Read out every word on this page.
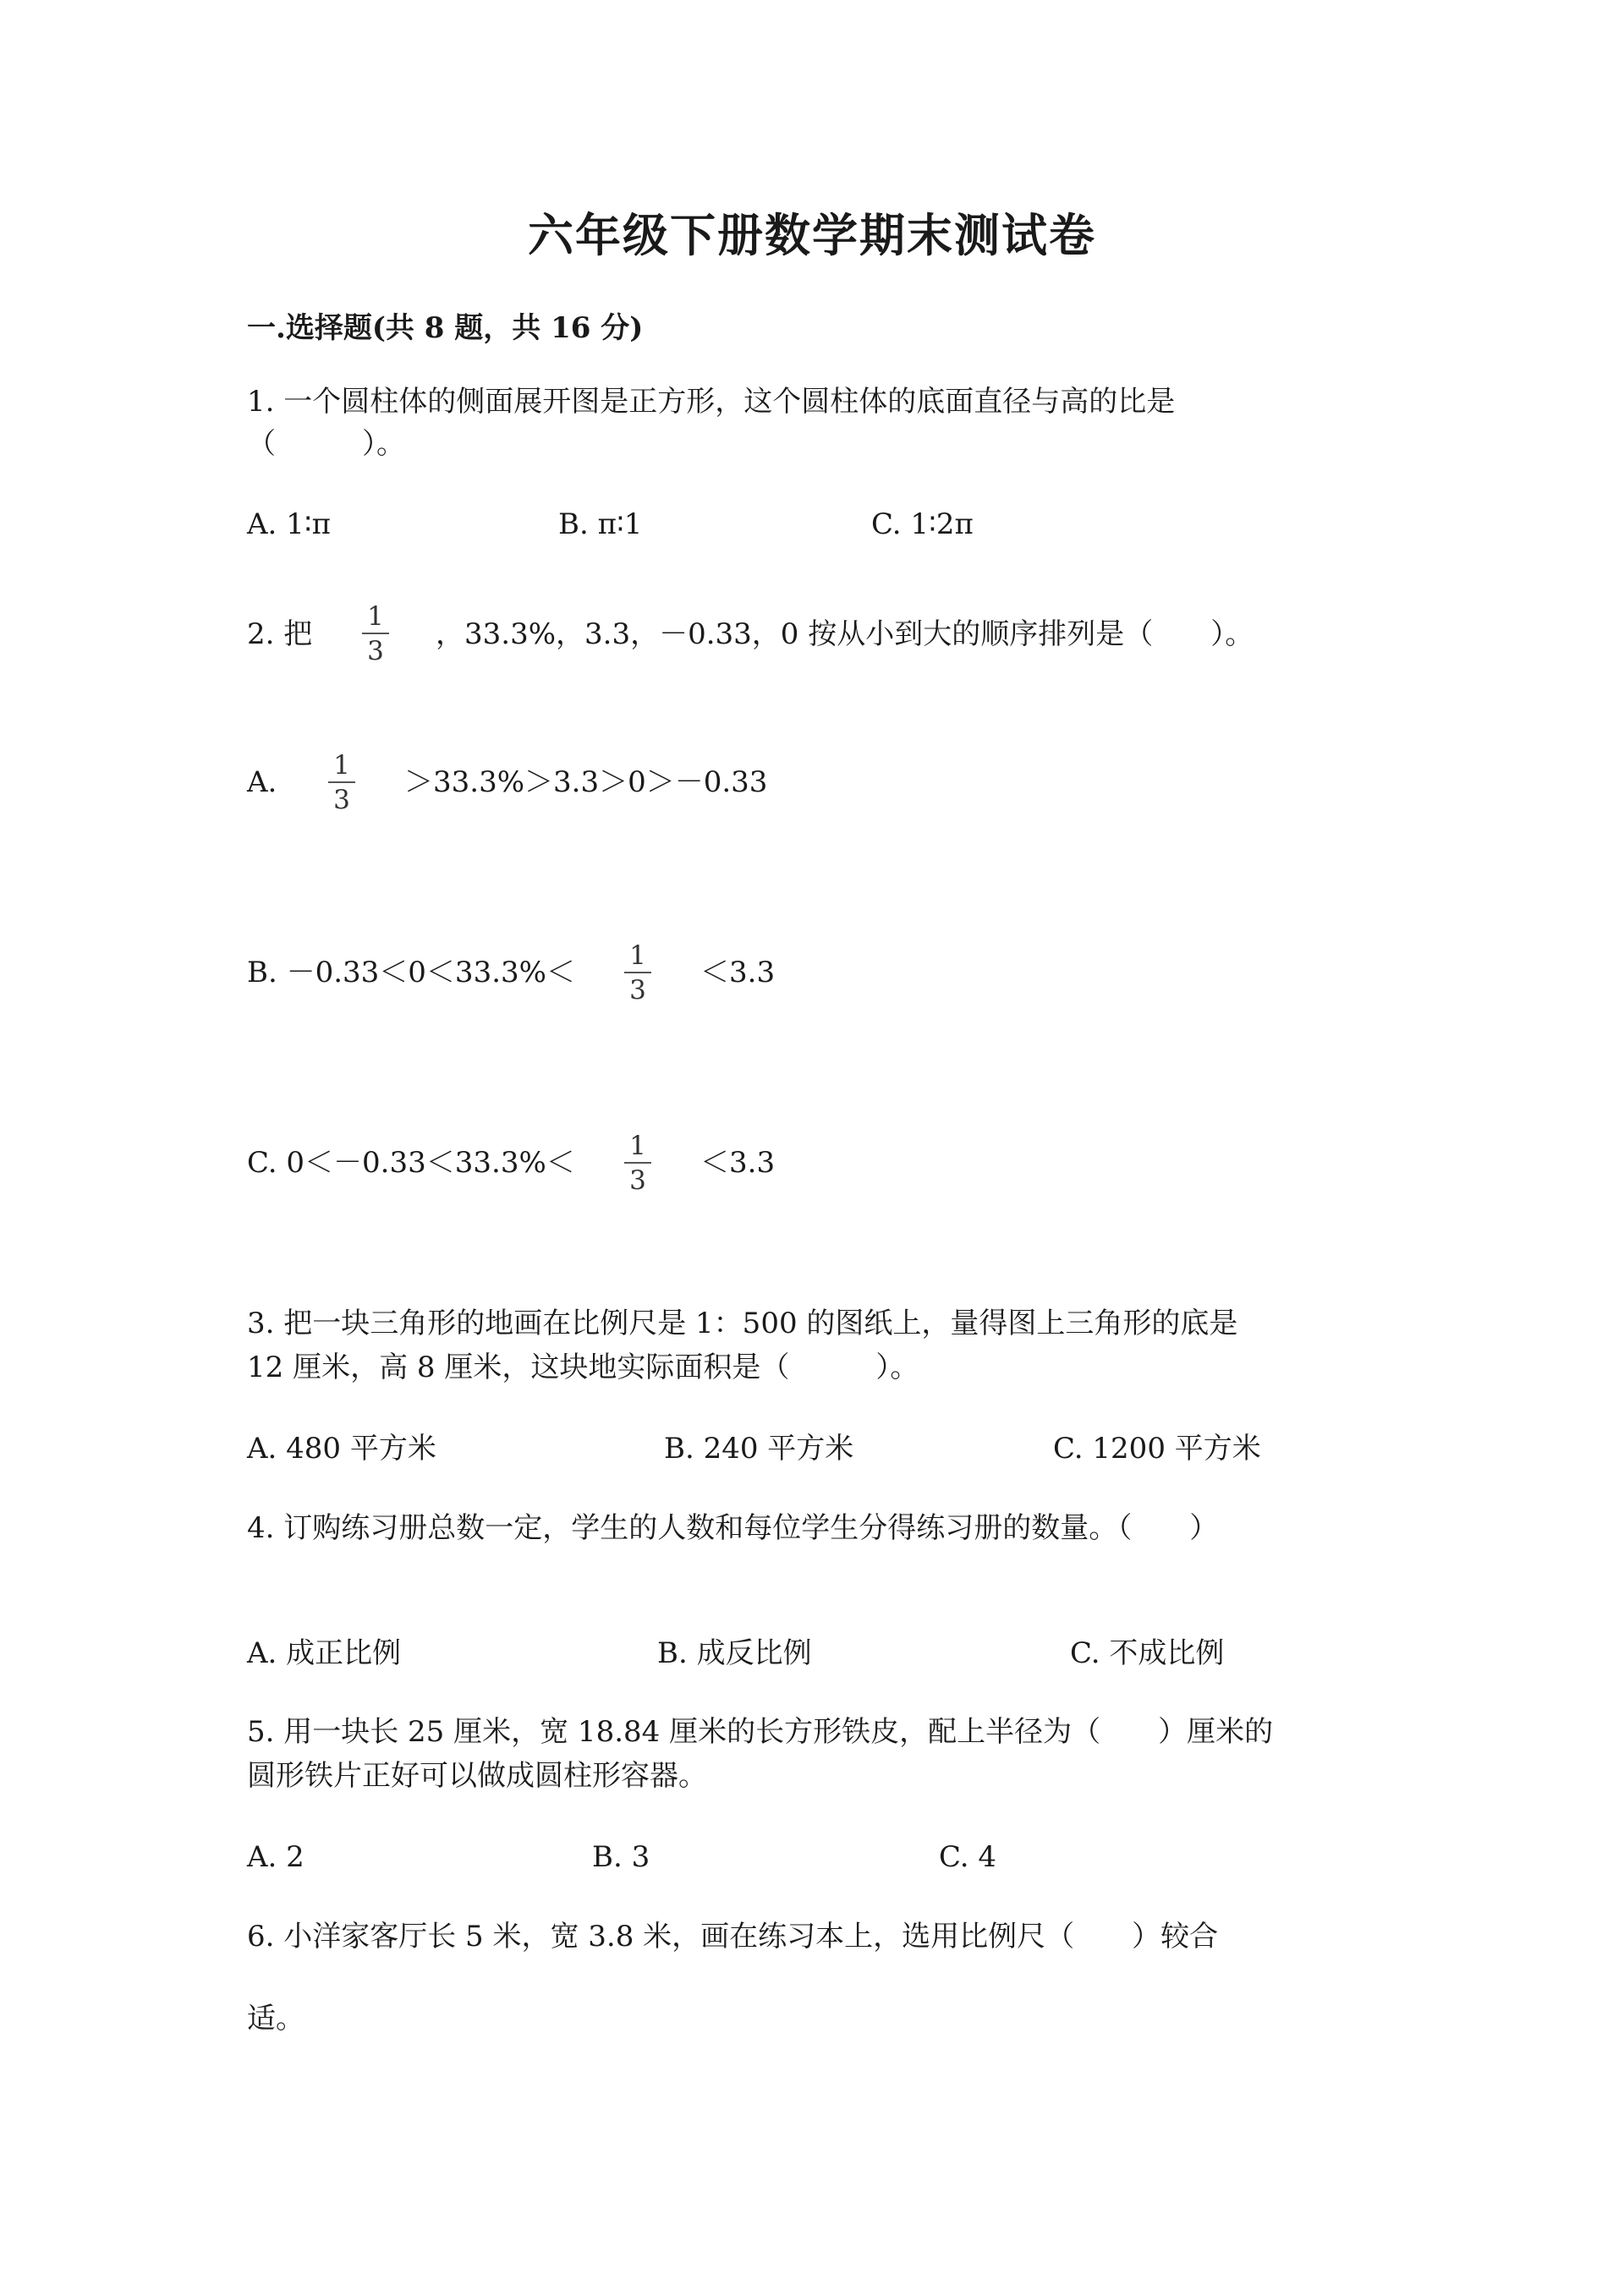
六年级下册数学期末测试卷
一.选择题(共 8 题，共 16 分)
1. 一个圆柱体的侧面展开图是正方形，这个圆柱体的底面直径与高的比是
（　　　）。
A. 1∶π	B. π∶1	C. 1∶2π
2. 把
1
3 ，33.3%，3.3，－0.33，0 按从小到大的顺序排列是（　　）。
A. 1
3
＞33.3%＞3.3＞0＞－0.33
B. －0.33＜0＜33.3%＜ 1
3
＜3.3
C. 0＜－0.33＜33.3%＜ 1
3
＜3.3
3. 把一块三角形的地画在比例尺是 1：500 的图纸上，量得图上三角形的底是
12 厘米，高 8 厘米，这块地实际面积是（　　　）。
A. 480 平方米	B. 240 平方米	C. 1200 平方米
4. 订购练习册总数一定，学生的人数和每位学生分得练习册的数量。（　　）
A. 成正比例	B. 成反比例	C. 不成比例
5. 用一块长 25 厘米，宽 18.84 厘米的长方形铁皮，配上半径为（　　）厘米的
圆形铁片正好可以做成圆柱形容器。
A. 2	B. 3	C. 4
6. 小洋家客厅长 5 米，宽 3.8 米，画在练习本上，选用比例尺（　　）较合
适。
